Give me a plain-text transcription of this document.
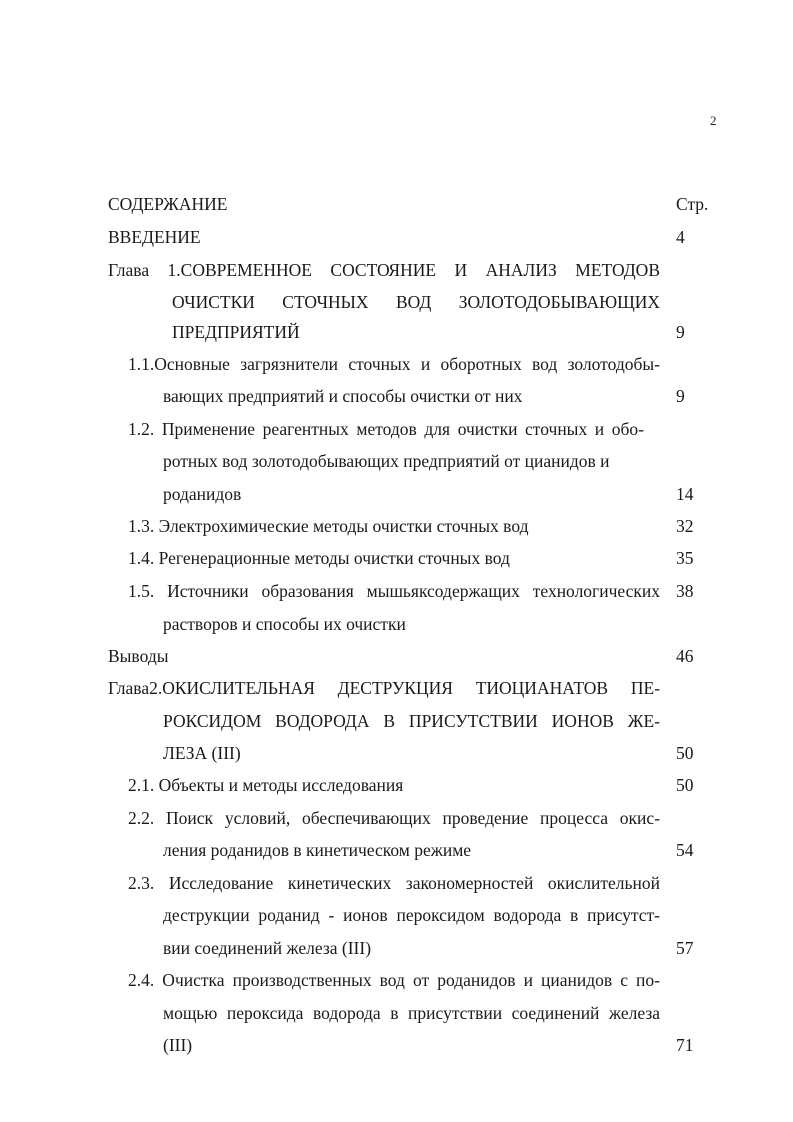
2
СОДЕРЖАНИЕ	Стр.
ВВЕДЕНИЕ	4
Глава 1.СОВРЕМЕННОЕ СОСТОЯНИЕ И АНАЛИЗ МЕТОДОВ
ОЧИСТКИ СТОЧНЫХ ВОД ЗОЛОТОДОБЫВАЮЩИХ
ПРЕДПРИЯТИЙ	9
1.1.Основные загрязнители сточных и оборотных вод золотодобы-
вающих предприятий и способы очистки от них	9
1.2. Применение реагентных методов для очистки сточных и обо-
ротных вод золотодобывающих предприятий от цианидов и
роданидов	14
1.3. Электрохимические методы очистки сточных вод	32
1.4. Регенерационные методы очистки сточных вод	35
1.5. Источники образования мышьяксодержащих технологических 38
растворов и способы их очистки
Выводы	46
Глава2.ОКИСЛИТЕЛЬНАЯ ДЕСТРУКЦИЯ ТИОЦИАНАТОВ ПЕ-
РОКСИДОМ ВОДОРОДА В ПРИСУТСТВИИ ИОНОВ ЖЕ-
ЛЕЗА (III)	50
2.1. Объекты и методы исследования	50
2.2. Поиск условий, обеспечивающих проведение процесса окис-
ления роданидов в кинетическом режиме	54
2.3. Исследование кинетических закономерностей окислительной
деструкции роданид - ионов пероксидом водорода в присутст-
вии соединений железа (III)	57
2.4. Очистка производственных вод от роданидов и цианидов с по-
мощью пероксида водорода в присутствии соединений железа
(III)	71
